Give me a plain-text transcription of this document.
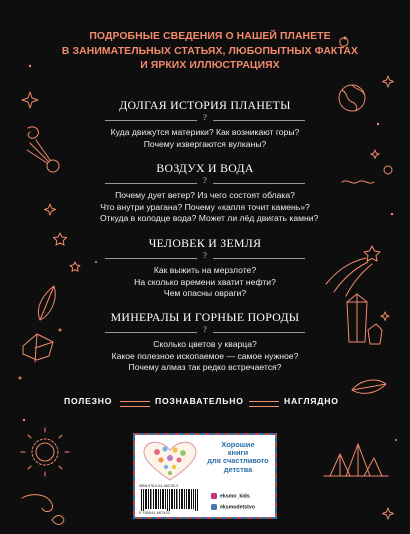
ПОДРОБНЫЕ СВЕДЕНИЯ О НАШЕЙ ПЛАНЕТЕ
В ЗАНИМАТЕЛЬНЫХ СТАТЬЯХ, ЛЮБОПЫТНЫХ ФАКТАХ
И ЯРКИХ ИЛЛЮСТРАЦИЯХ
ДОЛГАЯ ИСТОРИЯ ПЛАНЕТЫ
?
Куда движутся материки? Как возникают горы?
Почему извергаются вулканы?
ВОЗДУХ И ВОДА
?
Почему дует ветер? Из чего состоят облака?
Что внутри урагана? Почему «капля точит камень»?
Откуда в колодце вода? Может ли лёд двигать камни?
ЧЕЛОВЕК И ЗЕМЛЯ
?
Как выжить на мерзлоте?
На сколько времени хватит нефти?
Чем опасны овраги?
МИНЕРАЛЫ И ГОРНЫЕ ПОРОДЫ
?
Сколько цветов у кварца?
Какое полезное ископаемое — самое нужное?
Почему алмаз так редко встречается?
ПОЛЕЗНО	ПОЗНАВАТЕЛЬНО	НАГЛЯДНО
ISBN 978-5-04-166740-3
9 785041 667403
Хорошие
книги
для счастливого
детства
eksmo_kids
eksmodetstvo
